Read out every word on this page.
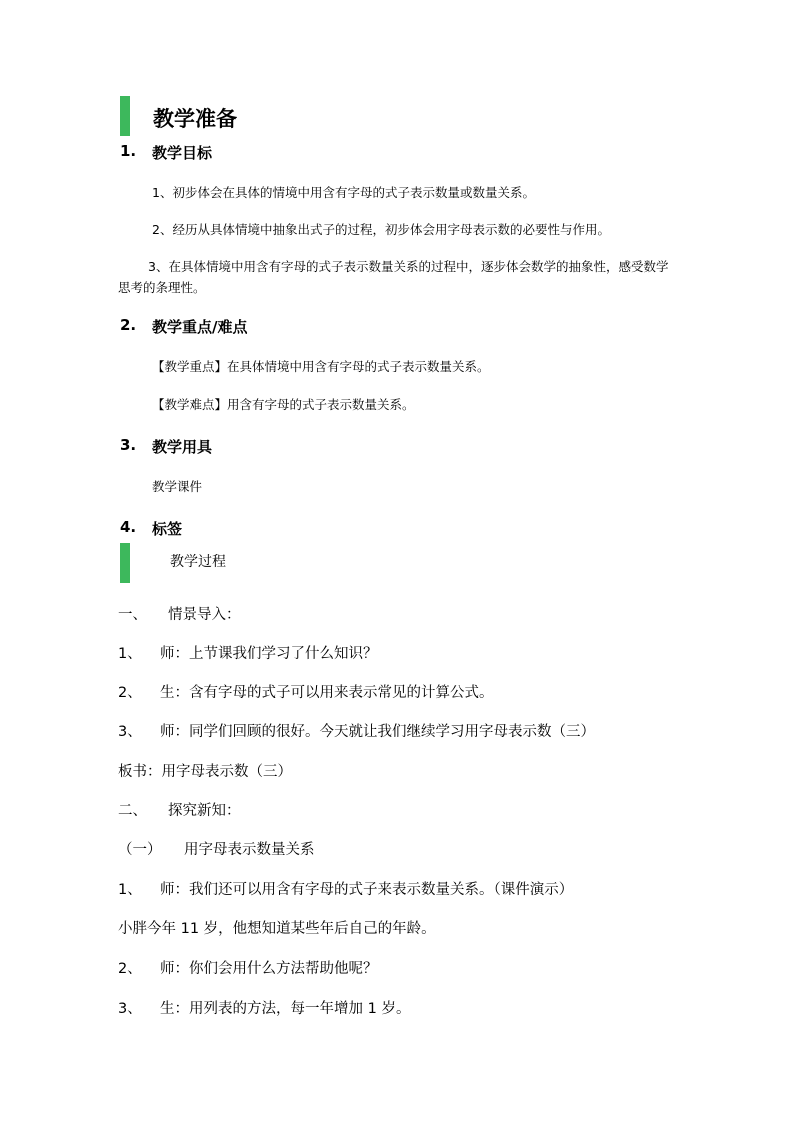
教学准备
1. 教学目标
1、初步体会在具体的情境中用含有字母的式子表示数量或数量关系。
2、经历从具体情境中抽象出式子的过程，初步体会用字母表示数的必要性与作用。
3、在具体情境中用含有字母的式子表示数量关系的过程中，逐步体会数学的抽象性，感受数学思考的条理性。
2. 教学重点/难点
【教学重点】在具体情境中用含有字母的式子表示数量关系。
【教学难点】用含有字母的式子表示数量关系。
3. 教学用具
教学课件
4. 标签
教学过程
一、 情景导入：
1、 师：上节课我们学习了什么知识？
2、 生：含有字母的式子可以用来表示常见的计算公式。
3、 师：同学们回顾的很好。今天就让我们继续学习用字母表示数（三）
板书：用字母表示数（三）
二、 探究新知：
（一） 用字母表示数量关系
1、 师：我们还可以用含有字母的式子来表示数量关系。（课件演示）
小胖今年 11 岁，他想知道某些年后自己的年龄。
2、 师：你们会用什么方法帮助他呢？
3、 生：用列表的方法，每一年增加 1 岁。
